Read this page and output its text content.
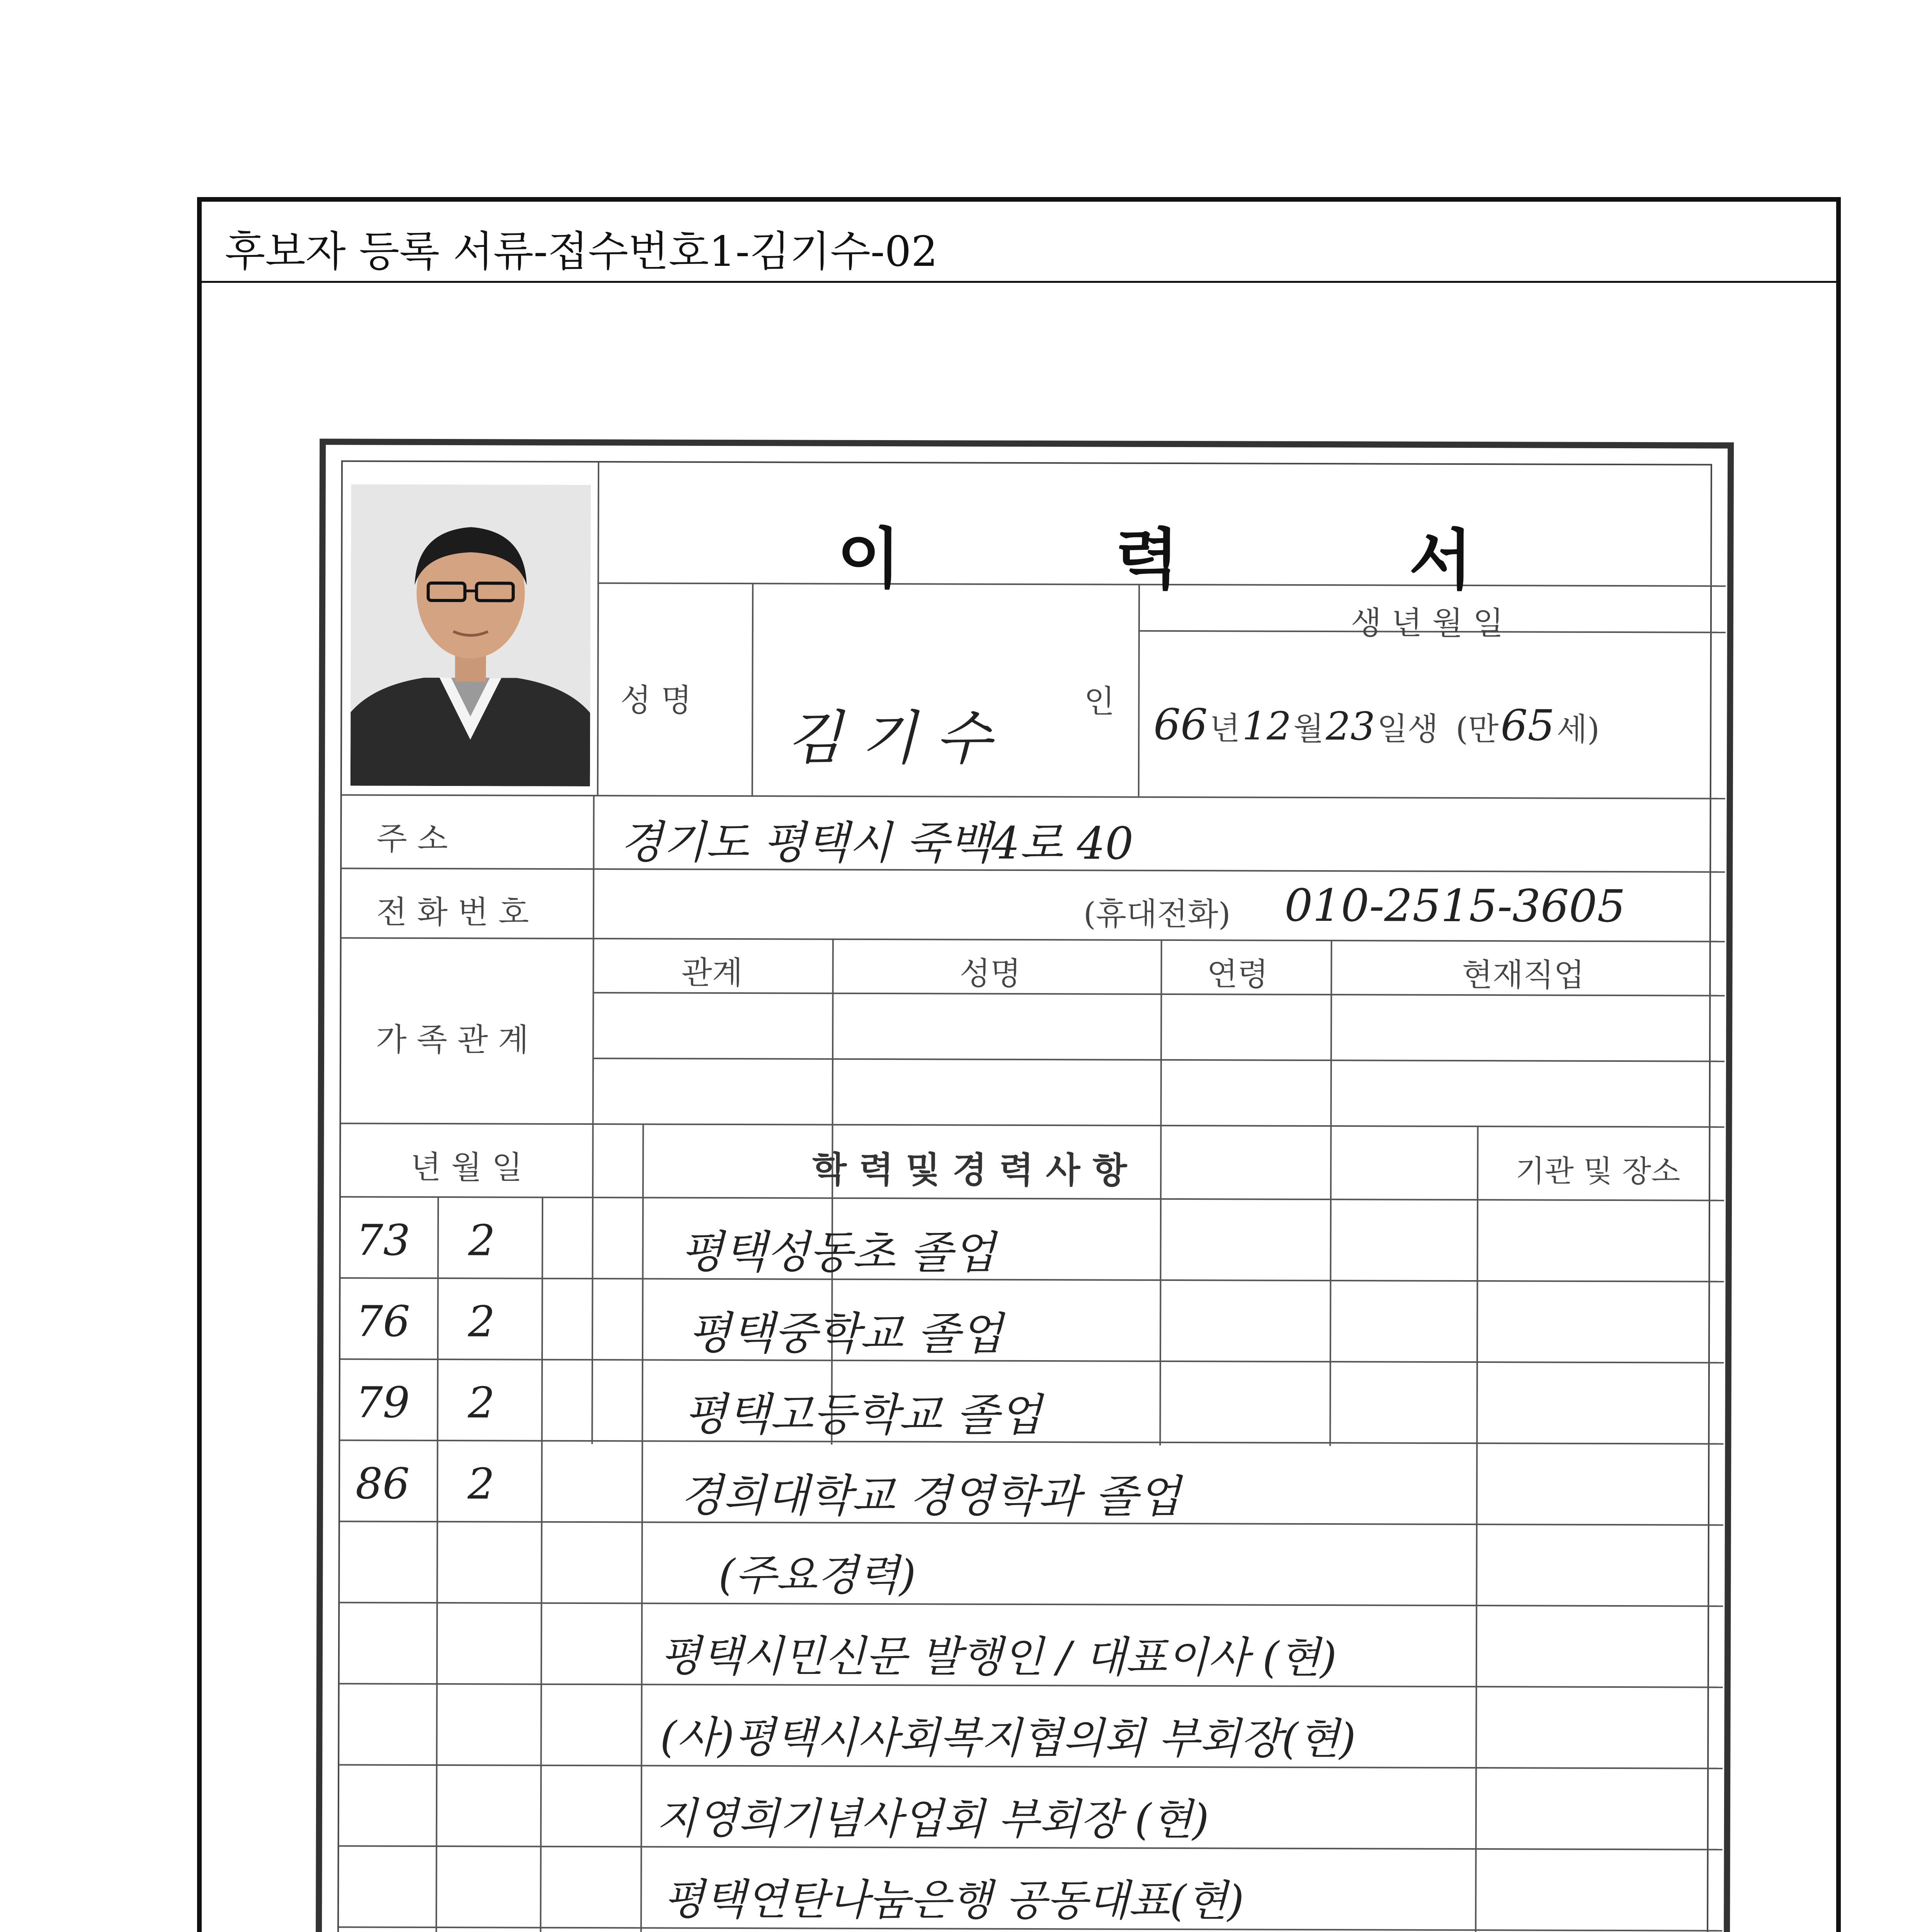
후보자 등록 서류-접수번호1-김기수-02
이	력	서
성 명
김 기 수
인
생 년 월 일
66 년 12 월 23 일생 (만 65 세)
주 소	경기도 평택시 죽백4로 40
전 화 번 호	(휴대전화) 010-2515-3605
가 족 관 계
관계	성명	연령	현재직업
년 월 일	학 력 및 경 력 사 항	기관 및 장소
73 2	평택성동초 졸업
76 2	평택중학교 졸업
79 2	평택고등학교 졸업
86 2	경희대학교 경영학과 졸업
(주요경력)
평택시민신문 발행인 / 대표이사 (현)
(사)평택시사회복지협의회 부회장(현)
지영희기념사업회 부회장 (현)
평택연탄나눔은행 공동대표(현)
